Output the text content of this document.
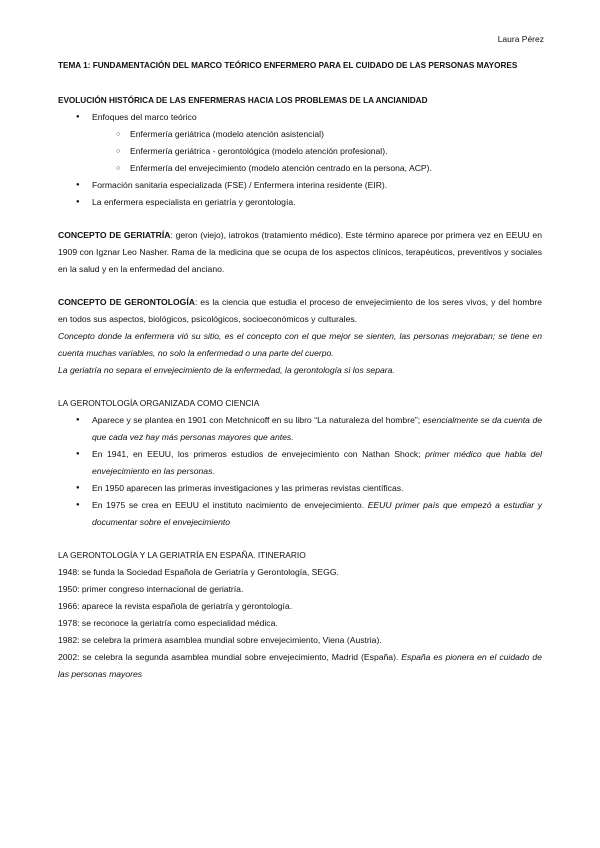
Laura Pérez

TEMA 1: FUNDAMENTACIÓN DEL MARCO TEÓRICO ENFERMERO PARA EL CUIDADO DE LAS PERSONAS MAYORES

EVOLUCIÓN HISTÓRICA DE LAS ENFERMERAS HACIA LOS PROBLEMAS DE LA ANCIANIDAD
● Enfoques del marco teórico
○ Enfermería geriátrica (modelo atención asistencial)
○ Enfermería geriátrica - gerontológica (modelo atención profesional).
○ Enfermería del envejecimiento (modelo atención centrado en la persona, ACP).
● Formación sanitaria especializada (FSE) / Enfermera interina residente (EIR).
● La enfermera especialista en geriatría y gerontología.

CONCEPTO DE GERIATRÍA: geron (viejo), iatrokos (tratamiento médico). Este término aparece por primera vez en EEUU en 1909 con Igznar Leo Nasher. Rama de la medicina que se ocupa de los aspectos clínicos, terapéuticos, preventivos y sociales en la salud y en la enfermedad del anciano.

CONCEPTO DE GERONTOLOGÍA: es la ciencia que estudia el proceso de envejecimiento de los seres vivos, y del hombre en todos sus aspectos, biológicos, psicológicos, socioeconómicos y culturales.

Concepto donde la enfermera vió su sitio, es el concepto con el que mejor se sienten, las personas mejoraban; se tiene en cuenta muchas variables, no solo la enfermedad o una parte del cuerpo.

La geriatría no separa el envejecimiento de la enfermedad, la gerontología si los separa.

LA GERONTOLOGÍA ORGANIZADA COMO CIENCIA

● Aparece y se plantea en 1901 con Metchnicoff en su libro “La naturaleza del hombre”; esencialmente se da cuenta de que cada vez hay más personas mayores que antes.

● En 1941, en EEUU, los primeros estudios de envejecimiento con Nathan Shock; primer médico que habla del envejecimiento en las personas.

● En 1950 aparecen las primeras investigaciones y las primeras revistas científicas.

● En 1975 se crea en EEUU el instituto nacimiento de envejecimiento. EEUU primer país que empezó a estudiar y documentar sobre el envejecimiento

LA GERONTOLOGÍA Y LA GERIATRÍA EN ESPAÑA. ITINERARIO
1948: se funda la Sociedad Española de Geriatría y Gerontología, SEGG.
1950: primer congreso internacional de geriatría.
1966: aparece la revista española de geriatría y gerontología.
1978: se reconoce la geriatría como especialidad médica.
1982: se celebra la primera asamblea mundial sobre envejecimiento, Viena (Austria).

2002: se celebra la segunda asamblea mundial sobre envejecimiento, Madrid (España). España es pionera en el cuidado de las personas mayores
